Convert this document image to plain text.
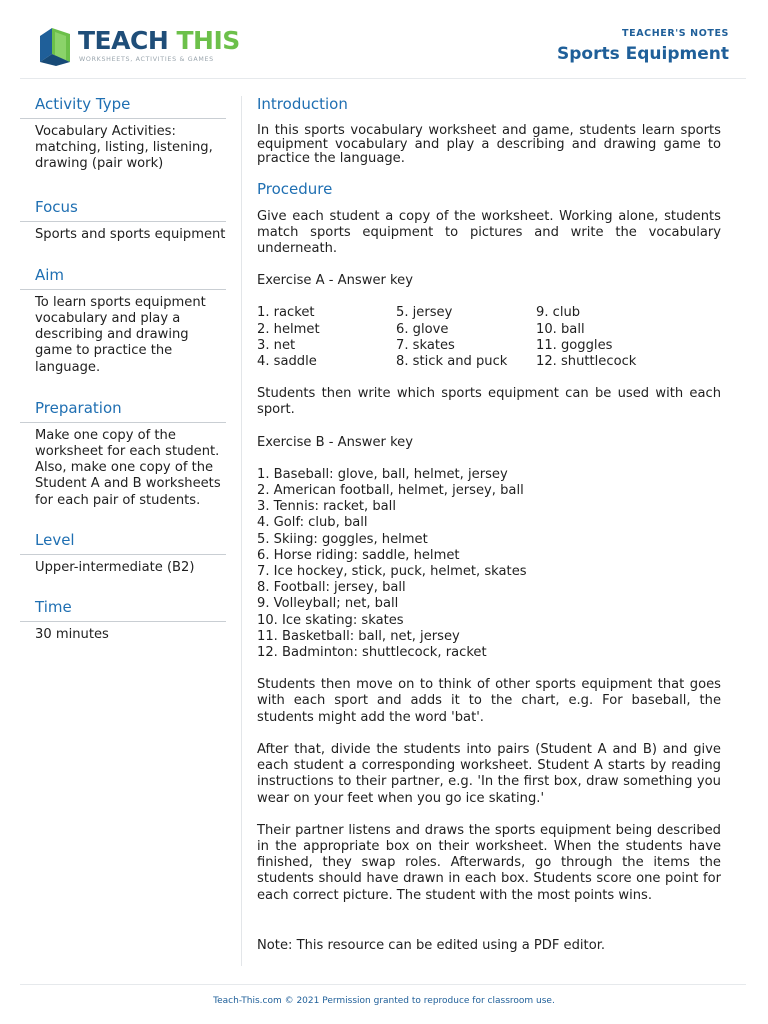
TEACH THIS
WORKSHEETS, ACTIVITIES & GAMES
TEACHER'S NOTES
Sports Equipment
Activity Type
Vocabulary Activities: matching, listing, listening, drawing (pair work)
Focus
Sports and sports equipment
Aim
To learn sports equipment vocabulary and play a describing and drawing game to practice the language.
Preparation
Make one copy of the worksheet for each student. Also, make one copy of the Student A and B worksheets for each pair of students.
Level
Upper-intermediate (B2)
Time
30 minutes
Introduction

In this sports vocabulary worksheet and game, students learn sports equipment vocabulary and play a describing and drawing game to practice the language.

Procedure

Give each student a copy of the worksheet. Working alone, students match sports equipment to pictures and write the vocabulary underneath.

Exercise A - Answer key

1. racket	5. jersey	9. club
2. helmet	6. glove	10. ball
3. net	7. skates	11. goggles
4. saddle	8. stick and puck	12. shuttlecock

Students then write which sports equipment can be used with each sport.

Exercise B - Answer key

1. Baseball: glove, ball, helmet, jersey
2. American football, helmet, jersey, ball
3. Tennis: racket, ball
4. Golf: club, ball
5. Skiing: goggles, helmet
6. Horse riding: saddle, helmet
7. Ice hockey, stick, puck, helmet, skates
8. Football: jersey, ball
9. Volleyball; net, ball
10. Ice skating: skates
11. Basketball: ball, net, jersey
12. Badminton: shuttlecock, racket

Students then move on to think of other sports equipment that goes with each sport and adds it to the chart, e.g. For baseball, the students might add the word 'bat'.

After that, divide the students into pairs (Student A and B) and give each student a corresponding worksheet. Student A starts by reading instructions to their partner, e.g. 'In the first box, draw something you wear on your feet when you go ice skating.'

Their partner listens and draws the sports equipment being described in the appropriate box on their worksheet. When the students have finished, they swap roles. Afterwards, go through the items the students should have drawn in each box. Students score one point for each correct picture. The student with the most points wins.

Note: This resource can be edited using a PDF editor.

Teach-This.com © 2021 Permission granted to reproduce for classroom use.
